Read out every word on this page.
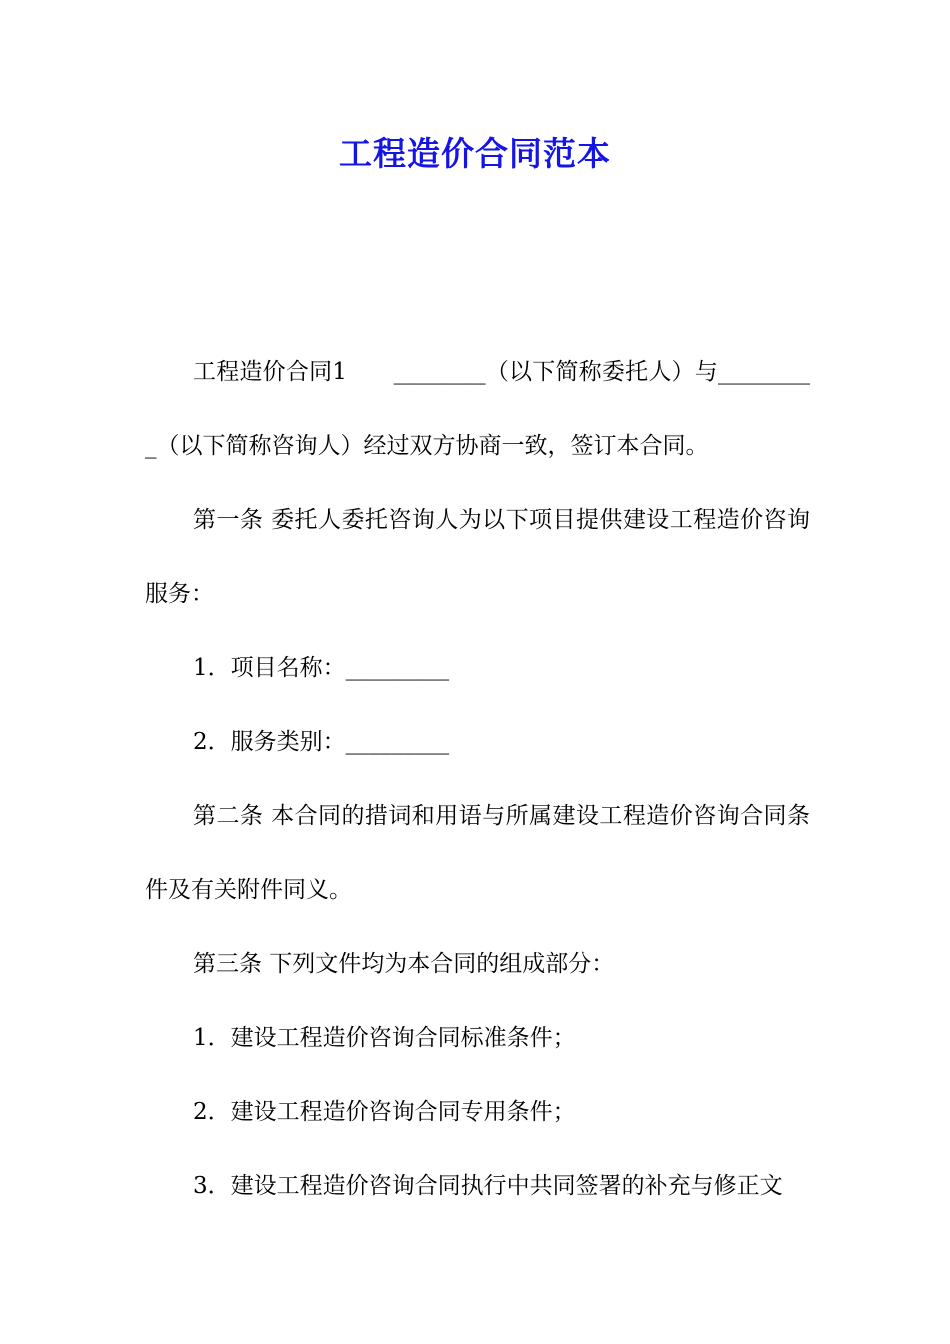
工程造价合同范本

工程造价合同1　　________（以下简称委托人）与_________（以下简称咨询人）经过双方协商一致，签订本合同。

第一条 委托人委托咨询人为以下项目提供建设工程造价咨询服务：

1．项目名称：_________

2．服务类别：_________

第二条 本合同的措词和用语与所属建设工程造价咨询合同条件及有关附件同义。

第三条 下列文件均为本合同的组成部分：

1．建设工程造价咨询合同标准条件；

2．建设工程造价咨询合同专用条件；

3．建设工程造价咨询合同执行中共同签署的补充与修正文
